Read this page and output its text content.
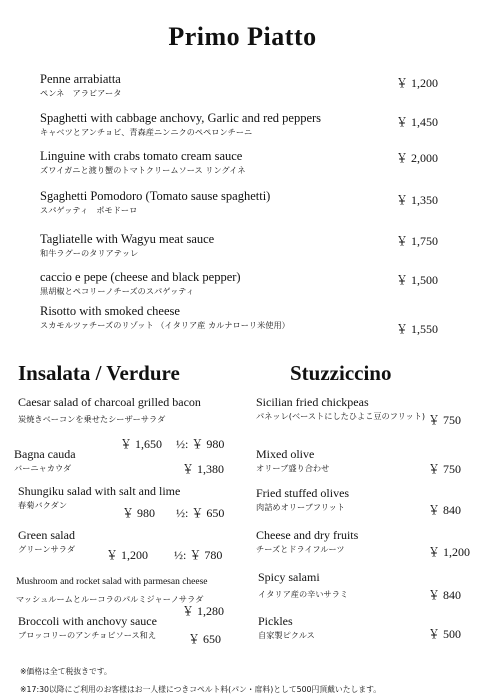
Primo Piatto
Penne arrabiatta
ペンネ　アラビアータ
￥ 1,200
Spaghetti with cabbage anchovy, Garlic and red peppers
キャベツとアンチョビ、青森産ニンニクのペペロンチーニ
￥ 1,450
Linguine with crabs tomato cream sauce
ズワイガニと渡り蟹のトマトクリームソース リングイネ
￥ 2,000
Sgaghetti Pomodoro (Tomato sause spaghetti)
スパゲッティ　ポモドーロ
￥ 1,350
Tagliatelle with Wagyu meat sauce
和牛ラグーのタリアテッレ
￥ 1,750
caccio e pepe (cheese and black pepper)
黒胡椒とペコリーノチーズのスパゲッティ
￥ 1,500
Risotto with smoked cheese
スカモルツァチーズのリゾット （イタリア産 カルナローリ米使用）	￥ 1,550
Insalata / Verdure	Stuzziccino
Caesar salad of charcoal grilled bacon
炭焼きベーコンを乗せたシーザーサラダ
￥ 1,650 ½: ￥ 980
Bagna cauda
バーニャカウダ	￥ 1,380
Shungiku salad with salt and lime
春菊バクダン
￥ 980 ½: ￥ 650
Green salad
グリーンサラダ	￥ 1,200 ½: ￥ 780
Mushroom and rocket salad with parmesan cheese
マッシュルームとルーコラのパルミジャーノサラダ
￥ 1,280
Broccoli with anchovy sauce
ブロッコリーのアンチョビソース和え	￥ 650
Sicilian fried chickpeas
パネッレ(ベーストにしたひよこ豆のフリット) ￥ 750
Mixed olive
オリーブ盛り合わせ	￥ 750
Fried stuffed olives
肉詰めオリーブフリット	￥ 840
Cheese and dry fruits
チーズとドライフルーツ	￥ 1,200
Spicy salami
イタリア産の辛いサラミ	￥ 840
Pickles
自家製ピクルス	￥ 500
※価格は全て税抜きです。
※17:30以降にご利用のお客様はお一人様につきコペルト料(パン・席料)として500円頂戴いたします。
